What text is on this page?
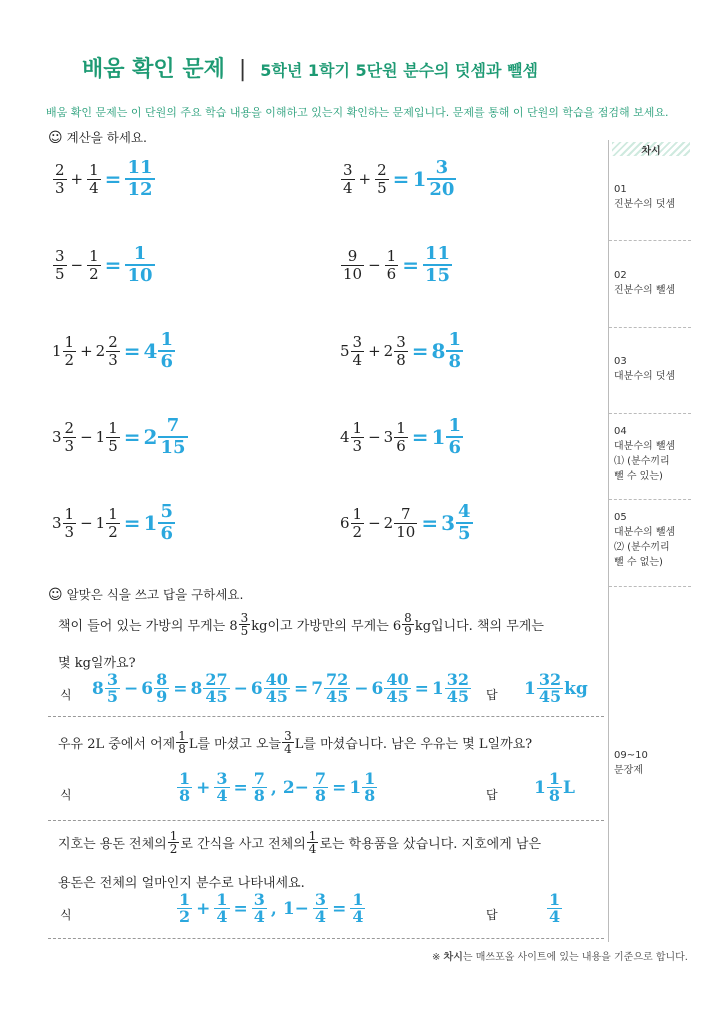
배움 확인 문제 | 5학년 1학기 5단원 분수의 덧셈과 뺄셈
배움 확인 문제는 이 단원의 주요 학습 내용을 이해하고 있는지 확인하는 문제입니다. 문제를 통해 이 단원의 학습을 점검해 보세요.
☺ 계산을 하세요.
$\frac{2}{3} + \frac{1}{4} = \frac{11}{12}$	$\frac{3}{4} + \frac{2}{5} = 1 \frac{3}{20}$
$\frac{3}{5} - \frac{1}{2} = \frac{1}{10}$	$\frac{9}{10} - \frac{1}{6} = \frac{11}{15}$
$1 \frac{1}{2} + 2 \frac{2}{3} = 4 \frac{1}{6}$	$5 \frac{3}{4} + 2 \frac{3}{8} = 8 \frac{1}{8}$
$3 \frac{2}{3} - 1 \frac{1}{5} = 2 \frac{7}{15}$	$4 \frac{1}{3} - 3 \frac{1}{6} = 1 \frac{1}{6}$
$3 \frac{1}{3} - 1 \frac{1}{2} = 1 \frac{5}{6}$	$6 \frac{1}{2} - 2 \frac{7}{10} = 3 \frac{4}{5}$
차시
01
진분수의 덧셈
02
진분수의 뺄셈
03
대분수의 덧셈
04
대분수의 뺄셈
⑴ (분수끼리
뺄 수 있는)
05
대분수의 뺄셈
⑵ (분수끼리
뺄 수 없는)
09~10
문장제
☺ 알맞은 식을 쓰고 답을 구하세요.
책이 들어 있는 가방의 무게는 $8 \frac{3}{5}$ kg이고 가방만의 무게는 $6 \frac{8}{9}$ kg입니다. 책의 무게는
몇 kg일까요?
식 $8 \frac{3}{5} - 6 \frac{8}{9} = 8 \frac{27}{45} - 6 \frac{40}{45} = 7 \frac{72}{45} - 6 \frac{40}{45} = 1 \frac{32}{45}$ 답 $1 \frac{32}{45}$ kg
우유 2L 중에서 어제 $\frac{1}{8}$ L를 마셨고 오늘 $\frac{3}{4}$ L를 마셨습니다. 남은 우유는 몇 L일까요?
식	$\frac{1}{8} + \frac{3}{4} = \frac{7}{8}$ , $2- \frac{7}{8} = 1 \frac{1}{8}$	답 $1 \frac{1}{8}$ L
지호는 용돈 전체의 $\frac{1}{2}$ 로 간식을 사고 전체의 $\frac{1}{4}$ 로는 학용품을 샀습니다. 지호에게 남은
용돈은 전체의 얼마인지 분수로 나타내세요.
식	$\frac{1}{2} + \frac{1}{4} = \frac{3}{4}$ , $1- \frac{3}{4} = \frac{1}{4}$	답	$\frac{1}{4}$
※ 차시는 매쓰포올 사이트에 있는 내용을 기준으로 합니다.
